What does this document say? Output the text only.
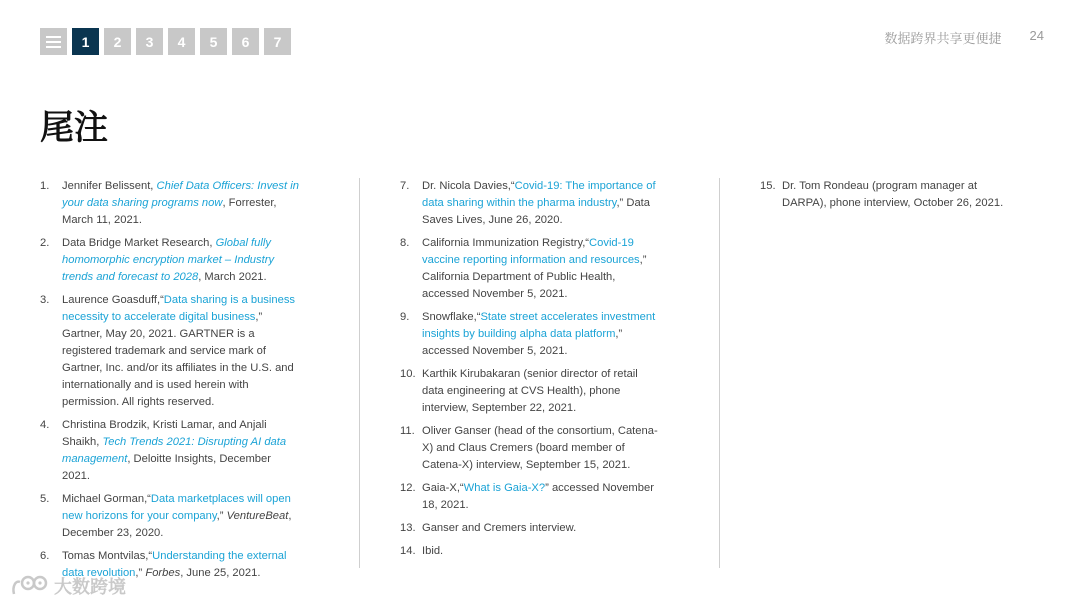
1	2	3	4	5	6	7	数据跨界共享更便捷 24
尾注
1.	Jennifer Belissent, Chief Data Officers: Invest in your data sharing programs now, Forrester, March 11, 2021.
2.	Data Bridge Market Research, Global fully homomorphic encryption market – Industry trends and forecast to 2028, March 2021.
3.	Laurence Goasduff,“Data sharing is a business necessity to accelerate digital business,” Gartner, May 20, 2021. GARTNER is a registered trademark and service mark of Gartner, Inc. and/or its affiliates in the U.S. and internationally and is used herein with permission. All rights reserved.
4.	Christina Brodzik, Kristi Lamar, and Anjali Shaikh, Tech Trends 2021: Disrupting AI data management, Deloitte Insights, December 2021.
5.	Michael Gorman,“Data marketplaces will open new horizons for your company,” VentureBeat, December 23, 2020.
6.	Tomas Montvilas,“Understanding the external data revolution,” Forbes, June 25, 2021.
7.	Dr. Nicola Davies,“Covid-19: The importance of data sharing within the pharma industry,” Data Saves Lives, June 26, 2020.
8.	California Immunization Registry,“Covid-19 vaccine reporting information and resources,” California Department of Public Health, accessed November 5, 2021.
9.	Snowflake,“State street accelerates investment insights by building alpha data platform,” accessed November 5, 2021.
10. Karthik Kirubakaran (senior director of retail data engineering at CVS Health), phone interview, September 22, 2021.
11. Oliver Ganser (head of the consortium, Catena-X) and Claus Cremers (board member of Catena-X) interview, September 15, 2021.
12. Gaia-X,“What is Gaia-X?” accessed November 18, 2021.
13. Ganser and Cremers interview.
14. Ibid.
15. Dr. Tom Rondeau (program manager at DARPA), phone interview, October 26, 2021.
大数跨境
